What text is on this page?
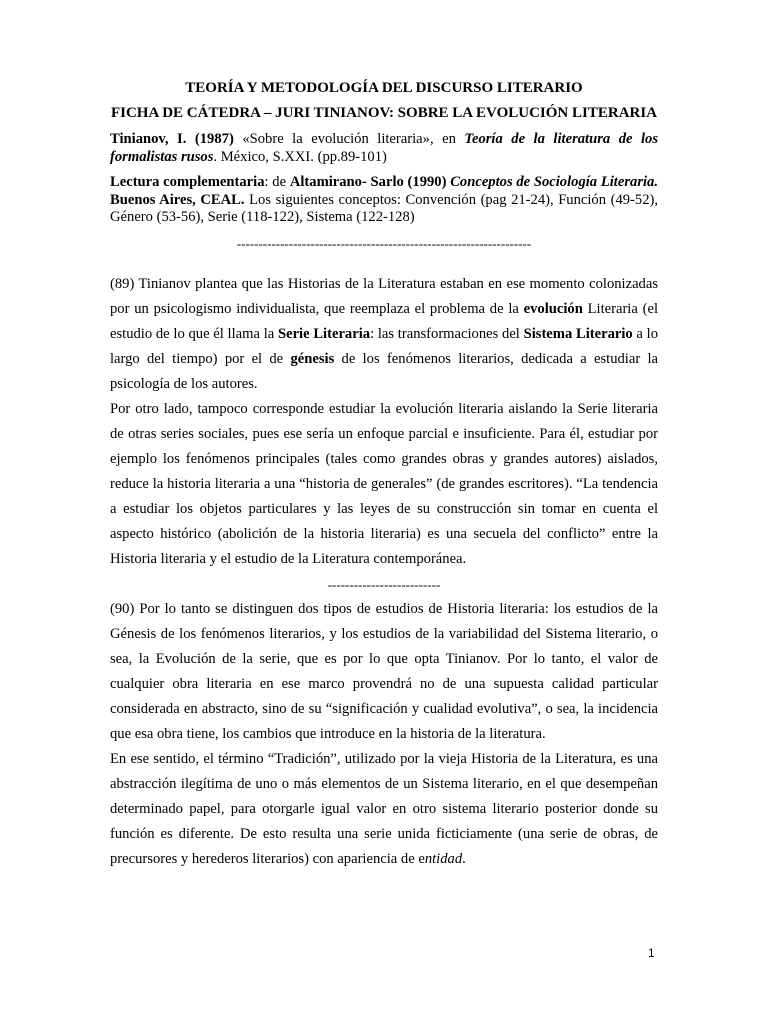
TEORÍA Y METODOLOGÍA DEL DISCURSO LITERARIO
FICHA DE CÁTEDRA – JURI TINIANOV: SOBRE LA EVOLUCIÓN LITERARIA

Tinianov, I. (1987) «Sobre la evolución literaria», en Teoría de la literatura de los formalistas rusos. México, S.XXI. (pp.89-101)

Lectura complementaria: de Altamirano- Sarlo (1990) Conceptos de Sociología Literaria. Buenos Aires, CEAL. Los siguientes conceptos: Convención (pag 21-24), Función (49-52), Género (53-56), Serie (118-122), Sistema (122-128)

--------------------------------------------------------------------

(89) Tinianov plantea que las Historias de la Literatura estaban en ese momento colonizadas por un psicologismo individualista, que reemplaza el problema de la evolución Literaria (el estudio de lo que él llama la Serie Literaria: las transformaciones del Sistema Literario a lo largo del tiempo) por el de génesis de los fenómenos literarios, dedicada a estudiar la psicología de los autores.

Por otro lado, tampoco corresponde estudiar la evolución literaria aislando la Serie literaria de otras series sociales, pues ese sería un enfoque parcial e insuficiente. Para él, estudiar por ejemplo los fenómenos principales (tales como grandes obras y grandes autores) aislados, reduce la historia literaria a una “historia de generales” (de grandes escritores). “La tendencia a estudiar los objetos particulares y las leyes de su construcción sin tomar en cuenta el aspecto histórico (abolición de la historia literaria) es una secuela del conflicto” entre la Historia literaria y el estudio de la Literatura contemporánea.

--------------------------

(90) Por lo tanto se distinguen dos tipos de estudios de Historia literaria: los estudios de la Génesis de los fenómenos literarios, y los estudios de la variabilidad del Sistema literario, o sea, la Evolución de la serie, que es por lo que opta Tinianov. Por lo tanto, el valor de cualquier obra literaria en ese marco provendrá no de una supuesta calidad particular considerada en abstracto, sino de su “significación y cualidad evolutiva”, o sea, la incidencia que esa obra tiene, los cambios que introduce en la historia de la literatura.

En ese sentido, el término “Tradición”, utilizado por la vieja Historia de la Literatura, es una abstracción ilegítima de uno o más elementos de un Sistema literario, en el que desempeñan determinado papel, para otorgarle igual valor en otro sistema literario posterior donde su función es diferente. De esto resulta una serie unida ficticiamente (una serie de obras, de precursores y herederos literarios) con apariencia de entidad.

1
